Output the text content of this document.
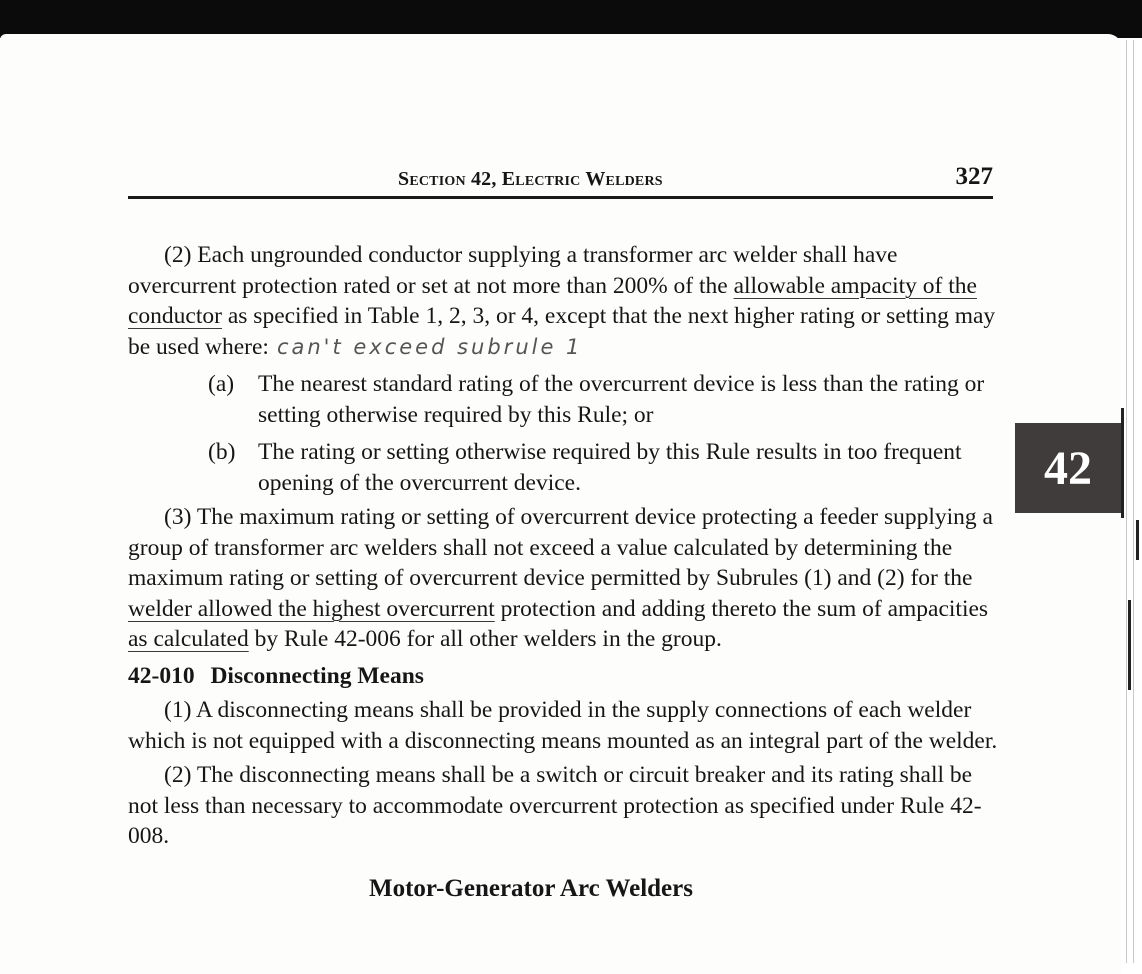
Section 42, Electric Welders	327
42

(2) Each ungrounded conductor supplying a transformer arc welder shall have overcurrent protection rated or set at not more than 200% of the allowable ampacity of the conductor as specified in Table 1, 2, 3, or 4, except that the next higher rating or setting may be used where: can't exceed subrule 1

(a) The nearest standard rating of the overcurrent device is less than the rating or setting otherwise required by this Rule; or
(b) The rating or setting otherwise required by this Rule results in too frequent opening of the overcurrent device.

(3) The maximum rating or setting of overcurrent device protecting a feeder supplying a group of transformer arc welders shall not exceed a value calculated by determining the maximum rating or setting of overcurrent device permitted by Subrules (1) and (2) for the welder allowed the highest overcurrent protection and adding thereto the sum of ampacities as calculated by Rule 42-006 for all other welders in the group.

42-010 Disconnecting Means

(1) A disconnecting means shall be provided in the supply connections of each welder which is not equipped with a disconnecting means mounted as an integral part of the welder.

(2) The disconnecting means shall be a switch or circuit breaker and its rating shall be not less than necessary to accommodate overcurrent protection as specified under Rule 42-008.

Motor-Generator Arc Welders
